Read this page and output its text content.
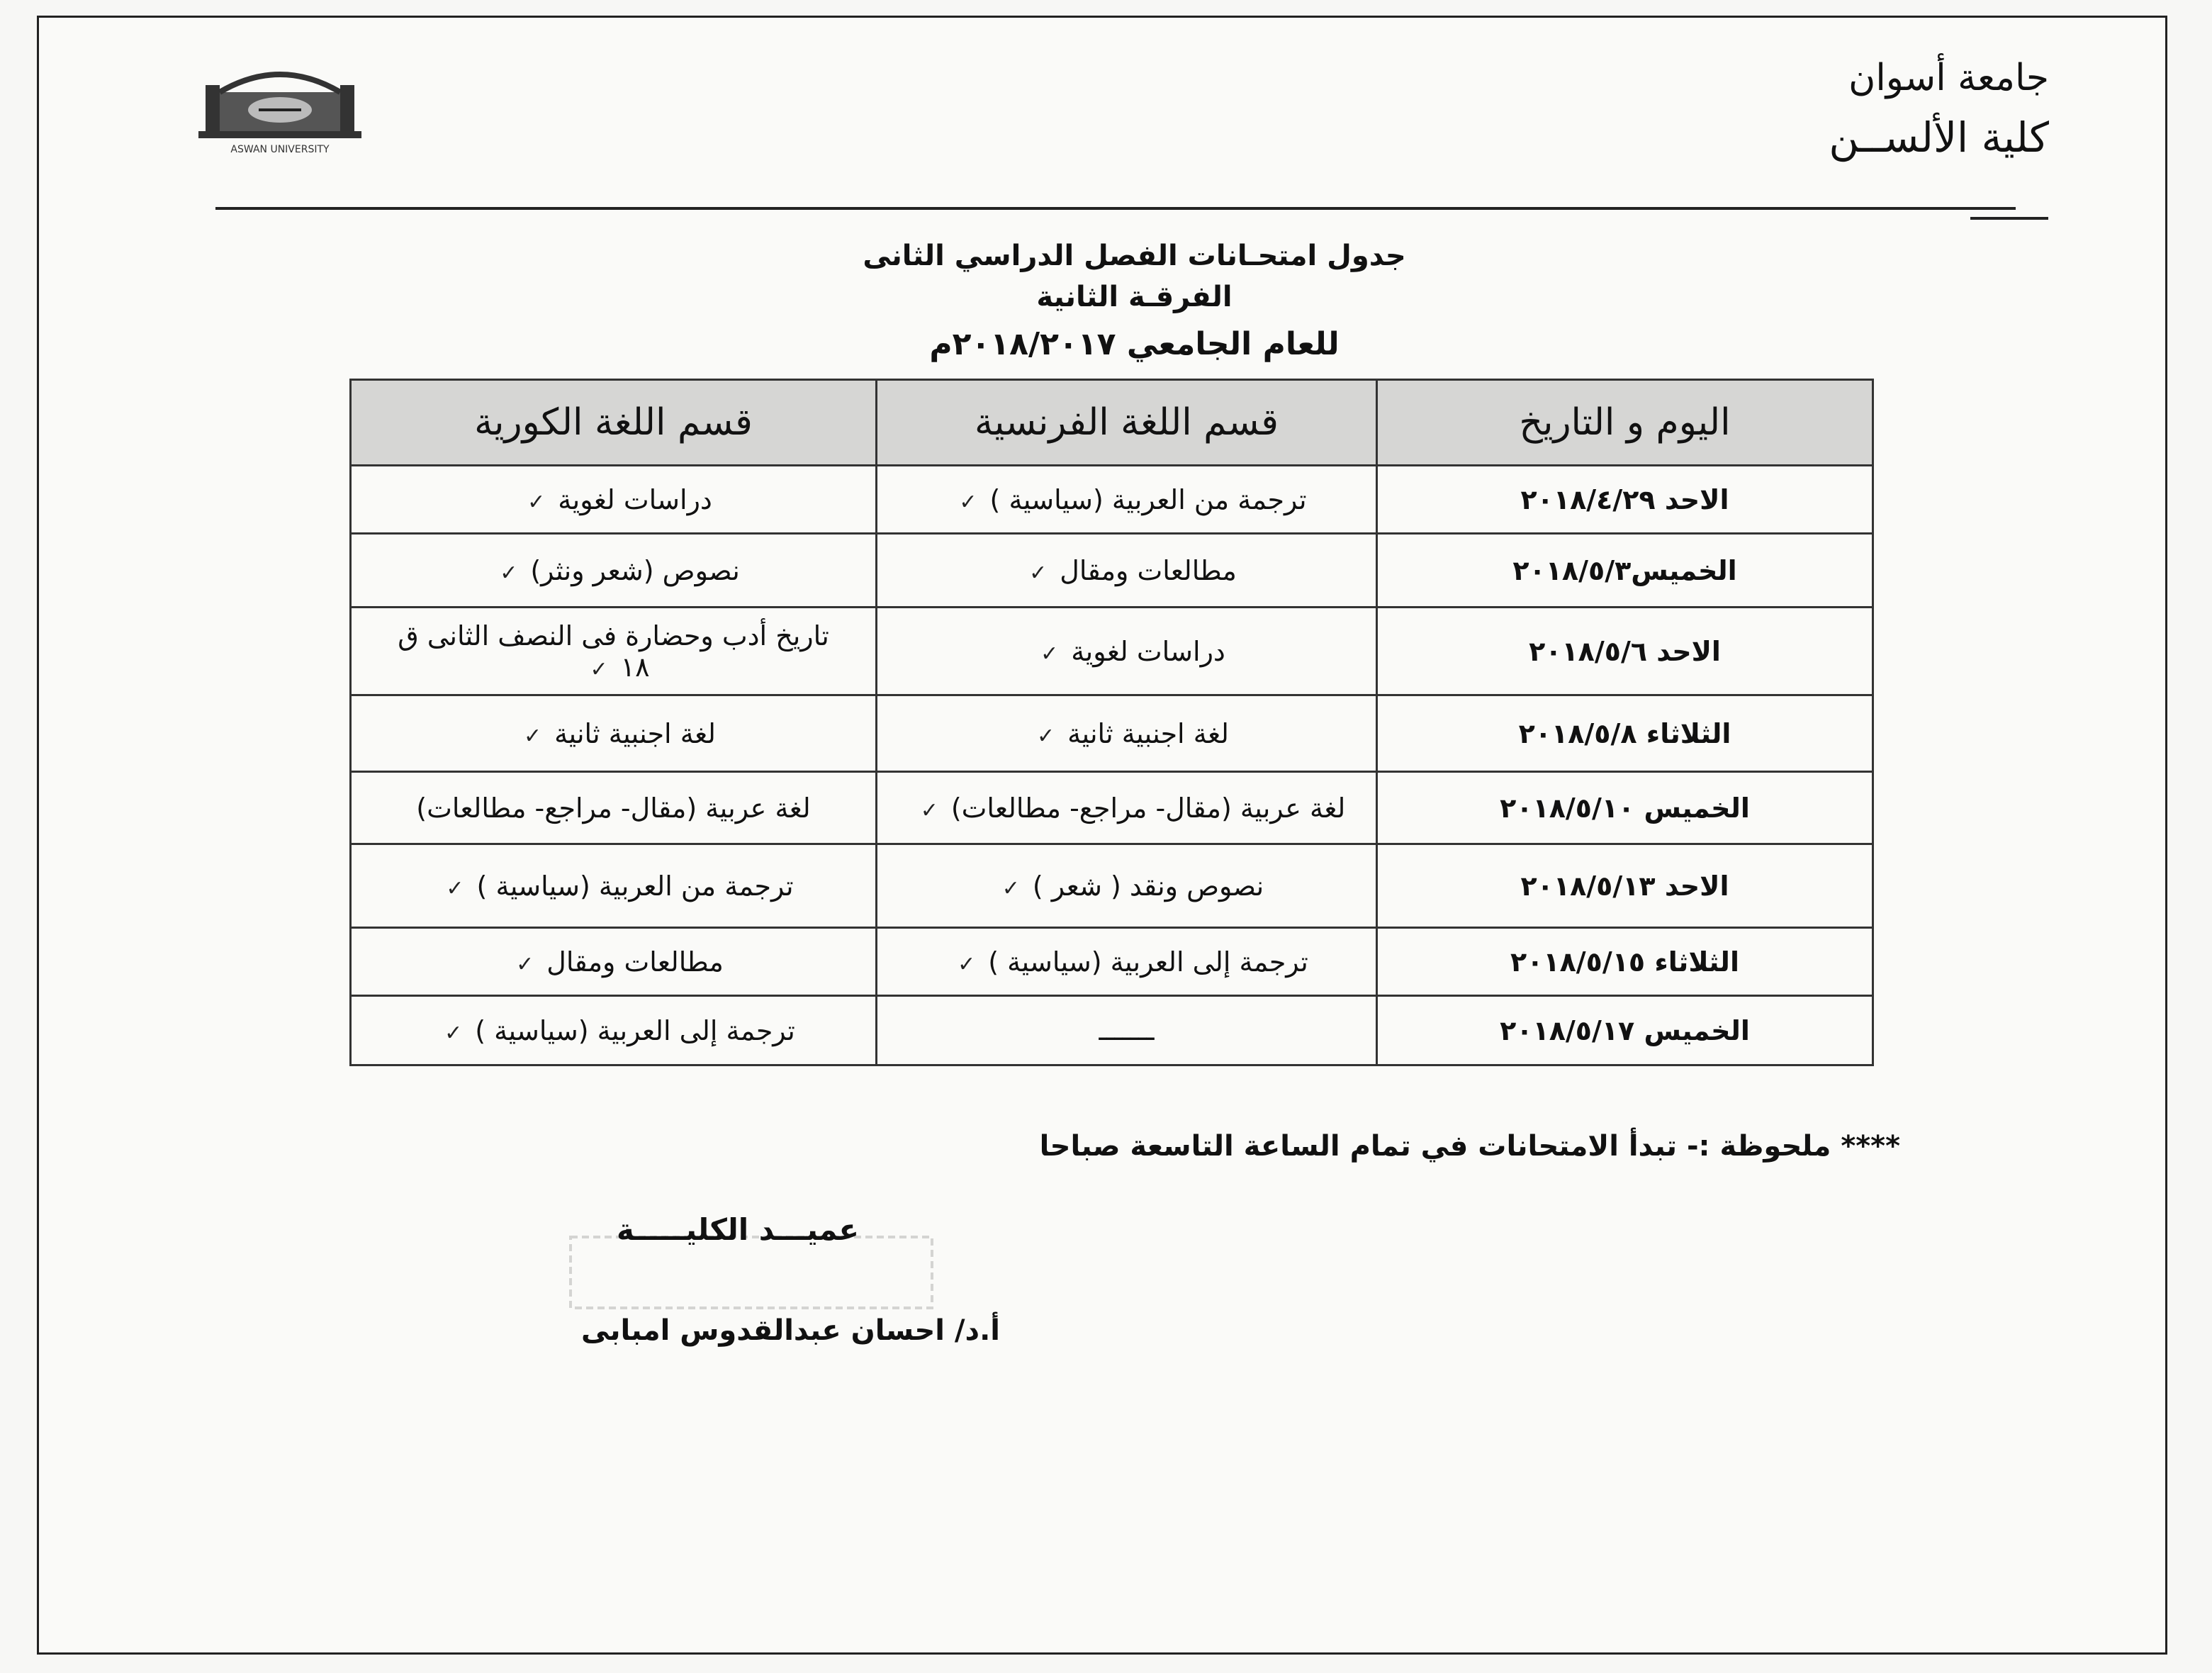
ASWAN UNIVERSITY
جامعة أسوان
كلية الألســن
جدول امتحـانات الفصل الدراسي الثانى
الفرقـة الثانية
للعام الجامعي ٢٠١٨/٢٠١٧م
اليوم و التاريخ	قسم اللغة الفرنسية	قسم اللغة الكورية
الاحد ٢٠١٨/٤/٢٩	ترجمة من العربية (سياسية )✓	دراسات لغوية✓
الخميس٢٠١٨/٥/٣	مطالعات ومقال✓	نصوص (شعر ونثر)✓
الاحد ٢٠١٨/٥/٦	دراسات لغوية✓	تاريخ أدب وحضارة فى النصف الثانى ق ١٨✓
الثلاثاء ٢٠١٨/٥/٨	لغة اجنبية ثانية✓	لغة اجنبية ثانية✓
الخميس ٢٠١٨/٥/١٠	لغة عربية (مقال- مراجع- مطالعات)✓	لغة عربية (مقال- مراجع- مطالعات)
الاحد ٢٠١٨/٥/١٣	نصوص ونقد ( شعر )✓	ترجمة من العربية (سياسية )✓
الثلاثاء ٢٠١٨/٥/١٥	ترجمة إلى العربية (سياسية )✓	مطالعات ومقال✓
الخميس ٢٠١٨/٥/١٧	ـــــــ	ترجمة إلى العربية (سياسية )✓
**** ملحوظة :- تبدأ الامتحانات في تمام الساعة التاسعة صباحا
عميـــد الكليـــــة
أ.د/ احسان عبدالقدوس امبابى
